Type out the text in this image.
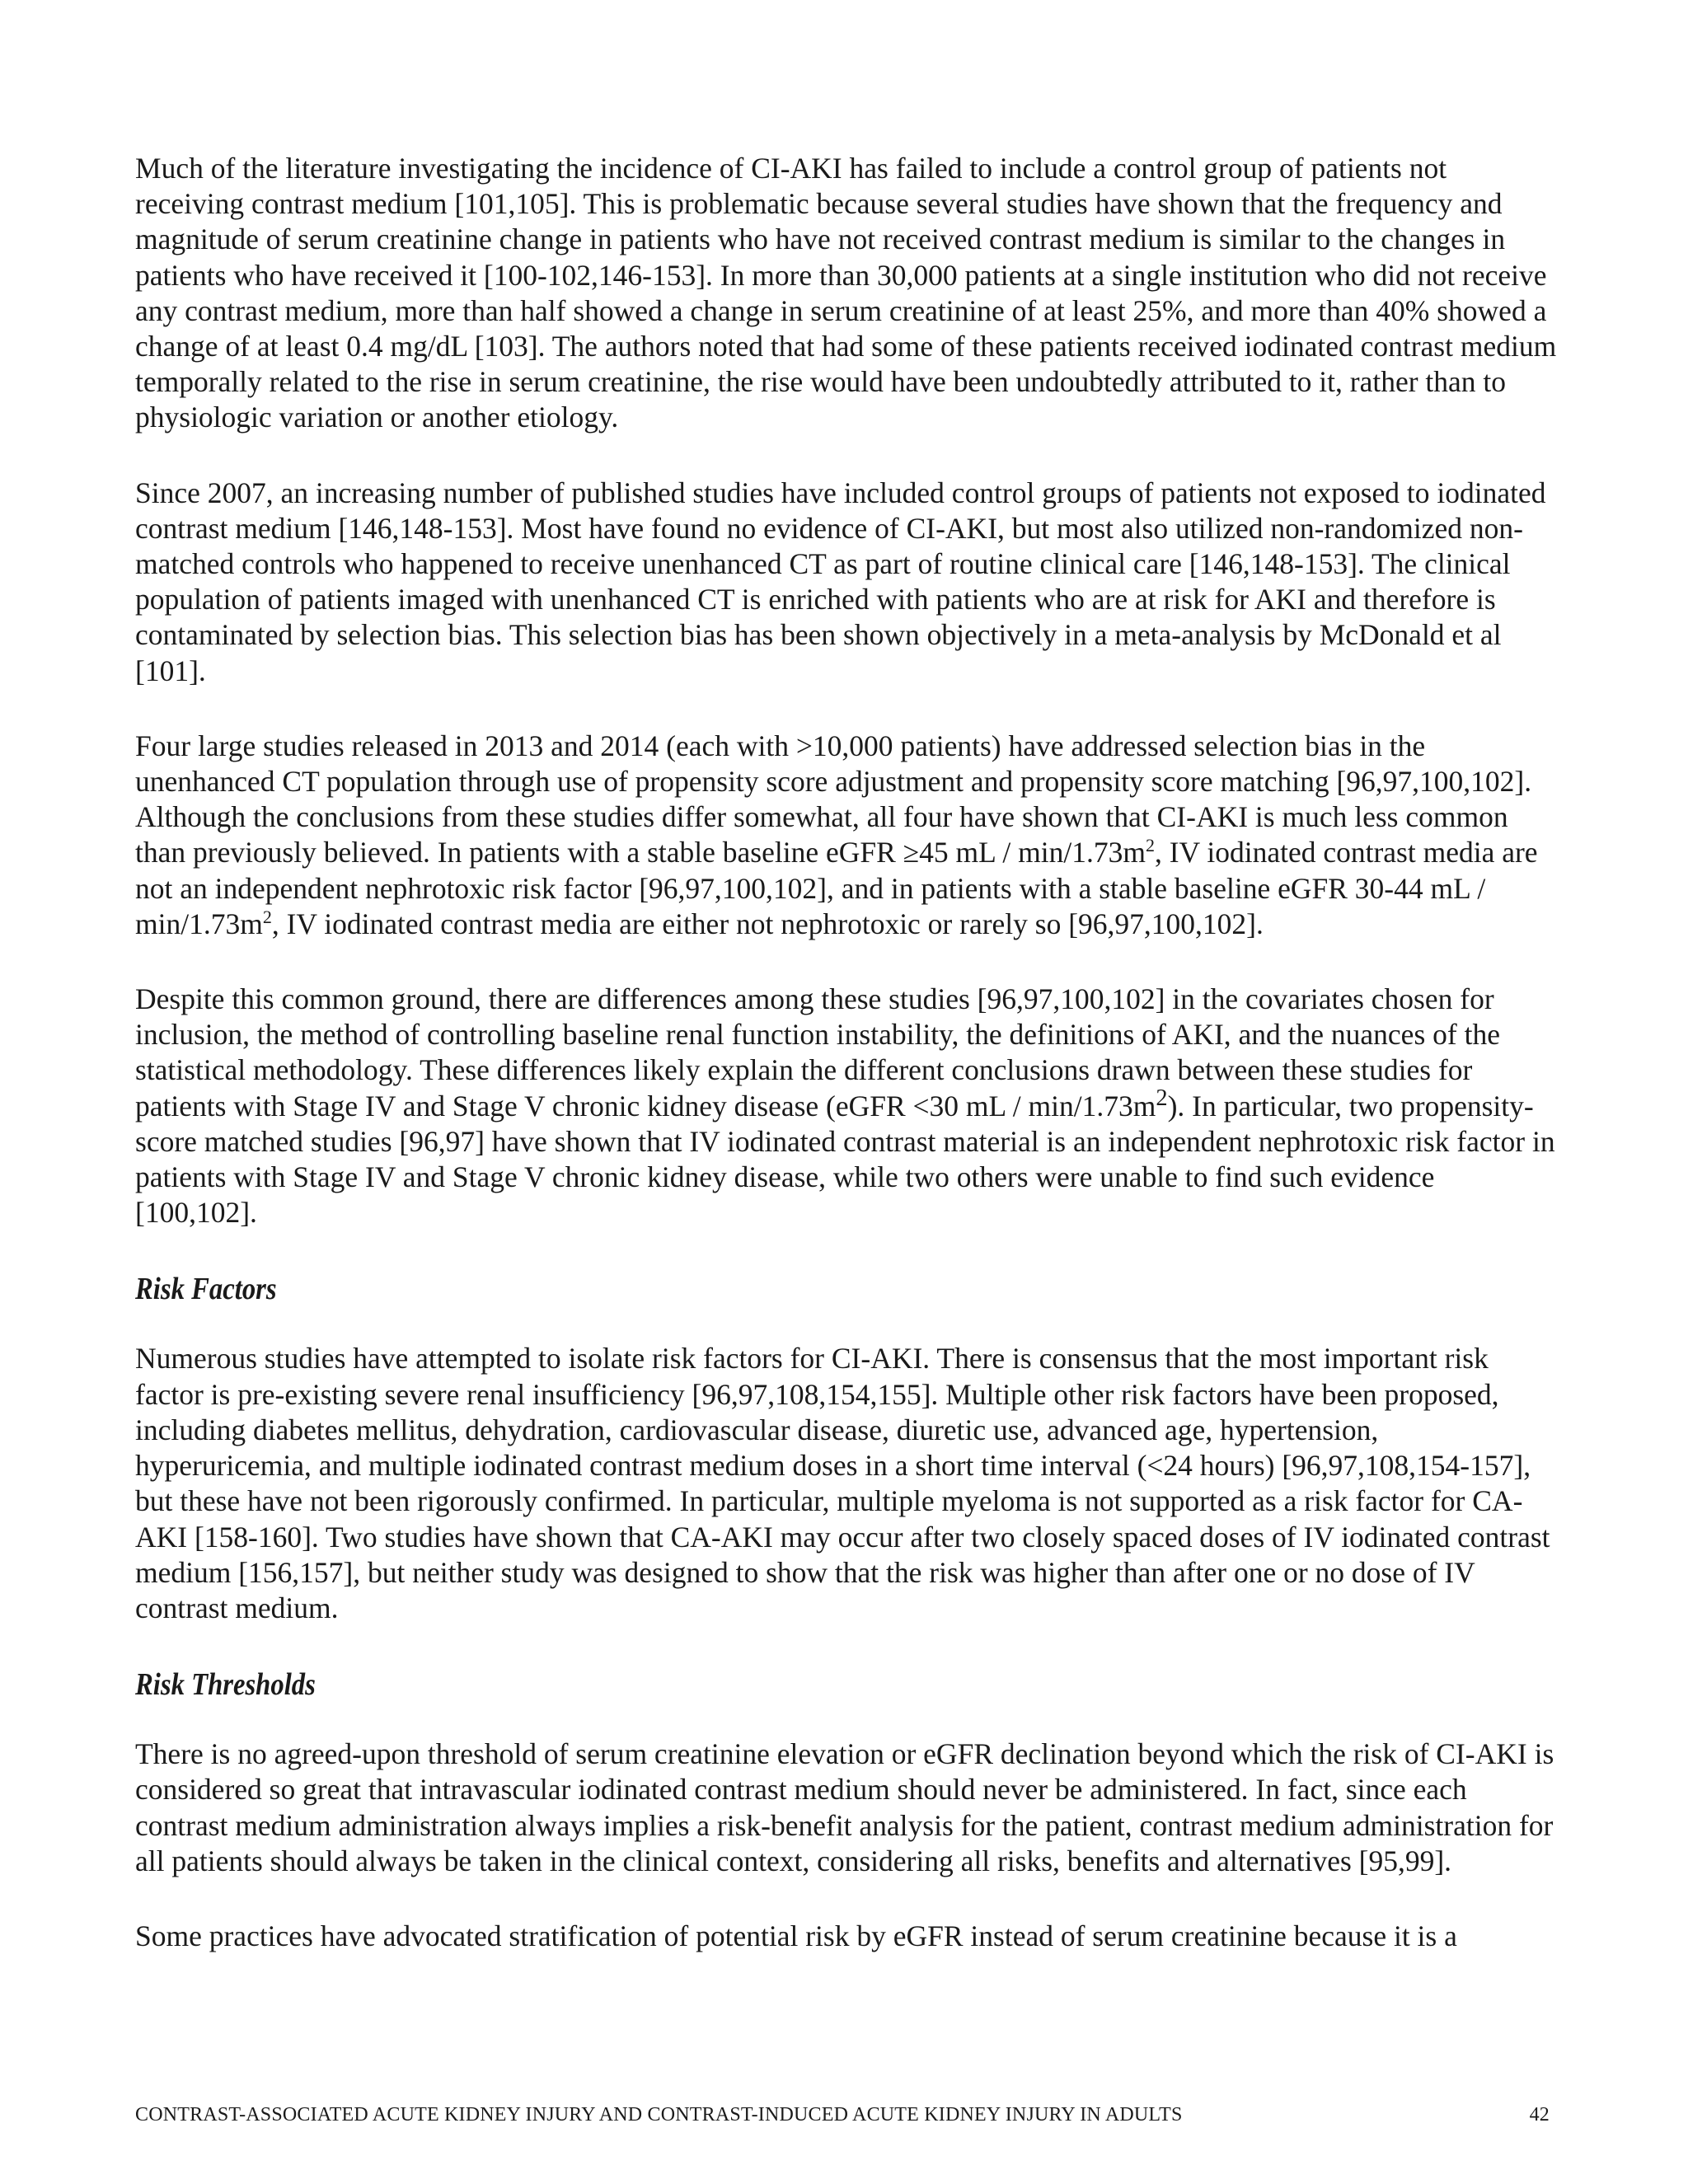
Much of the literature investigating the incidence of CI-AKI has failed to include a control group of patients not receiving contrast medium [101,105]. This is problematic because several studies have shown that the frequency and magnitude of serum creatinine change in patients who have not received contrast medium is similar to the changes in patients who have received it [100-102,146-153]. In more than 30,000 patients at a single institution who did not receive any contrast medium, more than half showed a change in serum creatinine of at least 25%, and more than 40% showed a change of at least 0.4 mg/dL [103]. The authors noted that had some of these patients received iodinated contrast medium temporally related to the rise in serum creatinine, the rise would have been undoubtedly attributed to it, rather than to physiologic variation or another etiology.

Since 2007, an increasing number of published studies have included control groups of patients not exposed to iodinated contrast medium [146,148-153]. Most have found no evidence of CI-AKI, but most also utilized non-randomized non-matched controls who happened to receive unenhanced CT as part of routine clinical care [146,148-153]. The clinical population of patients imaged with unenhanced CT is enriched with patients who are at risk for AKI and therefore is contaminated by selection bias. This selection bias has been shown objectively in a meta-analysis by McDonald et al [101].

Four large studies released in 2013 and 2014 (each with >10,000 patients) have addressed selection bias in the unenhanced CT population through use of propensity score adjustment and propensity score matching [96,97,100,102]. Although the conclusions from these studies differ somewhat, all four have shown that CI-AKI is much less common than previously believed. In patients with a stable baseline eGFR ≥45 mL / $\min/1.73m^2$, IV iodinated contrast media are not an independent nephrotoxic risk factor [96,97,100,102], and in patients with a stable baseline eGFR 30-44 mL / $\min/1.73m^2$, IV iodinated contrast media are either not nephrotoxic or rarely so [96,97,100,102].

Despite this common ground, there are differences among these studies [96,97,100,102] in the covariates chosen for inclusion, the method of controlling baseline renal function instability, the definitions of AKI, and the nuances of the statistical methodology. These differences likely explain the different conclusions drawn between these studies for patients with Stage IV and Stage V chronic kidney disease (eGFR <30 mL / $\min/1.73m^2$). In particular, two propensity-score matched studies [96,97] have shown that IV iodinated contrast material is an independent nephrotoxic risk factor in patients with Stage IV and Stage V chronic kidney disease, while two others were unable to find such evidence [100,102].

Risk Factors

Numerous studies have attempted to isolate risk factors for CI-AKI. There is consensus that the most important risk factor is pre-existing severe renal insufficiency [96,97,108,154,155]. Multiple other risk factors have been proposed, including diabetes mellitus, dehydration, cardiovascular disease, diuretic use, advanced age, hypertension, hyperuricemia, and multiple iodinated contrast medium doses in a short time interval (<24 hours) [96,97,108,154-157], but these have not been rigorously confirmed. In particular, multiple myeloma is not supported as a risk factor for CA-AKI [158-160]. Two studies have shown that CA-AKI may occur after two closely spaced doses of IV iodinated contrast medium [156,157], but neither study was designed to show that the risk was higher than after one or no dose of IV contrast medium.

Risk Thresholds

There is no agreed-upon threshold of serum creatinine elevation or eGFR declination beyond which the risk of CI-AKI is considered so great that intravascular iodinated contrast medium should never be administered. In fact, since each contrast medium administration always implies a risk-benefit analysis for the patient, contrast medium administration for all patients should always be taken in the clinical context, considering all risks, benefits and alternatives [95,99].

Some practices have advocated stratification of potential risk by eGFR instead of serum creatinine because it is a

CONTRAST-ASSOCIATED ACUTE KIDNEY INJURY AND CONTRAST-INDUCED ACUTE KIDNEY INJURY IN ADULTS	42
